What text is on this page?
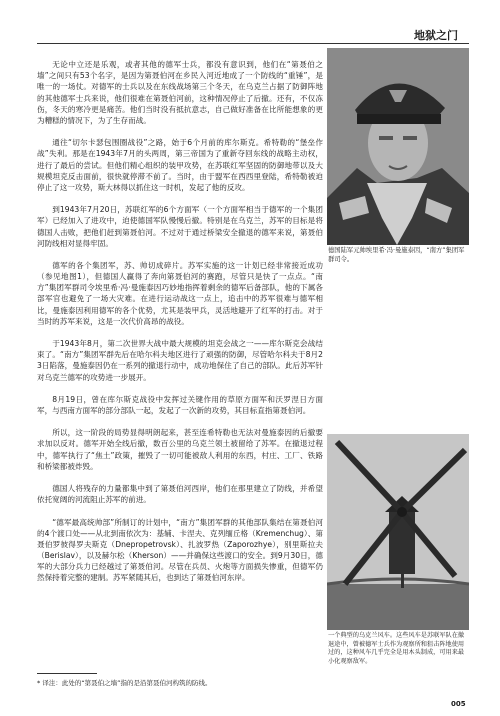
地狱之门

无论中立还是乐观，或者其他的德军士兵，都没有意识到，他们在“第聂伯之墙”之间只有53个名字，是因为第聂伯河在乡民入河近地成了一个防线的“重锤”，是唯一的一场仗。对德军的士兵以及在东线战场第三个冬天，在乌克兰占据了防御阵地的其他德军士兵来说，他们很难在第聂伯河前，这种情况停止了后撤。还有，不仅冻伤，冬天的寒冷更是痛苦。他们当时没有抵抗意志，自己做好准备在比所能想象的更为糟糕的情况下，为了生存而战。

通往“切尔卡瑟包围圈战役”之路，始于6个月前的库尔斯克。希特勒的“堡垒作战”失利。那是在1943年7月的头两周，第三帝国为了重新夺回东线的战略主动权，进行了最后的尝试。但他们精心组织的装甲攻势，在苏联红军坚固的防御地带以及大规模坦克反击面前，很快就停滞不前了。当时，由于盟军在西西里登陆，希特勒被迫停止了这一攻势，斯大林得以抓住这一时机，发起了他的反攻。

到1943年7月20日，苏联红军的6个方面军（一个方面军相当于德军的一个集团军）已经加入了进攻中，迫使德国军队慢慢后撤。特别是在乌克兰，苏军的目标是将德国人击败，把他们赶到第聂伯河。不过对于通过桥梁安全撤退的德军来说，第聂伯河防线相对显得牢固。

德军的各个集团军，苏、帅切成碎片。苏军实施的这一计划已经非常接近成功（参见地图1），但德国人赢得了奔向第聂伯河的赛跑，尽管只是快了一点点。“南方”集团军群司令埃里希·冯·曼施泰因巧妙地指挥着剩余的德军后备部队，他的下属各部军官也避免了一场大灾难。在进行运动战这一点上，追击中的苏军很难与德军相比，曼施泰因利用德军的各个优势，尤其是装甲兵，灵活地避开了红军的打击。对于当时的苏军来说，这是一次代价高昂的战役。

于1943年8月，第二次世界大战中最大规模的坦克会战之一——库尔斯克会战结束了。“南方”集团军群先后在哈尔科夫地区进行了顽强的防御，尽管哈尔科夫于8月23日陷落，曼施泰因仍在一系列的撤退行动中，成功地保住了自己的部队。此后苏军针对乌克兰德军的攻势进一步展开。

8月19日，曾在库尔斯克战役中发挥过关键作用的草原方面军和沃罗涅日方面军，与西南方面军的部分部队一起，发起了一次新的攻势，其目标直指第聂伯河。

所以，这一阶段的局势显得明朗起来，甚至连希特勒也无法对曼施泰因的后撤要求加以反对。德军开始全线后撤，数百公里的乌克兰领土被留给了苏军。在撤退过程中，德军执行了“焦土”政策，摧毁了一切可能被敌人利用的东西，村庄、工厂、铁路和桥梁都被炸毁。

德国人将残存的力量都集中到了第聂伯河西岸，他们在那里建立了防线，并希望依托宽阔的河流阻止苏军的前进。

“德军最高统帅部”所制订的计划中，“南方”集团军群的其他部队集结在第聂伯河的4个渡口处——从北到南依次为：基辅、卡涅夫、克列缅丘格（Kremenchug）、第聂伯罗彼得罗夫斯克（Dnepropetrovsk）、扎波罗热（Zaporozhye），别里斯拉夫（Berislav），以及赫尔松（Kherson）——并确保这些渡口的安全。到9月30日，德军的大部分兵力已经越过了第聂伯河。尽管在兵员、火炮等方面损失惨重，但德军仍然保持着完整的建制。苏军紧随其后，也到达了第聂伯河东岸。

德国陆军元帅埃里希·冯·曼施泰因，“南方”集团军群司令。
一个典型的乌克兰风车。这些风车是苏联军队在撤退途中，曾被德军士兵作为观察所和狙击阵地使用过的，这种风车几乎完全是用木头制成，可用来最小化观察敌军。
* 译注：此处的“第聂伯之墙”指的是沿第聂伯河构筑的防线。
005
